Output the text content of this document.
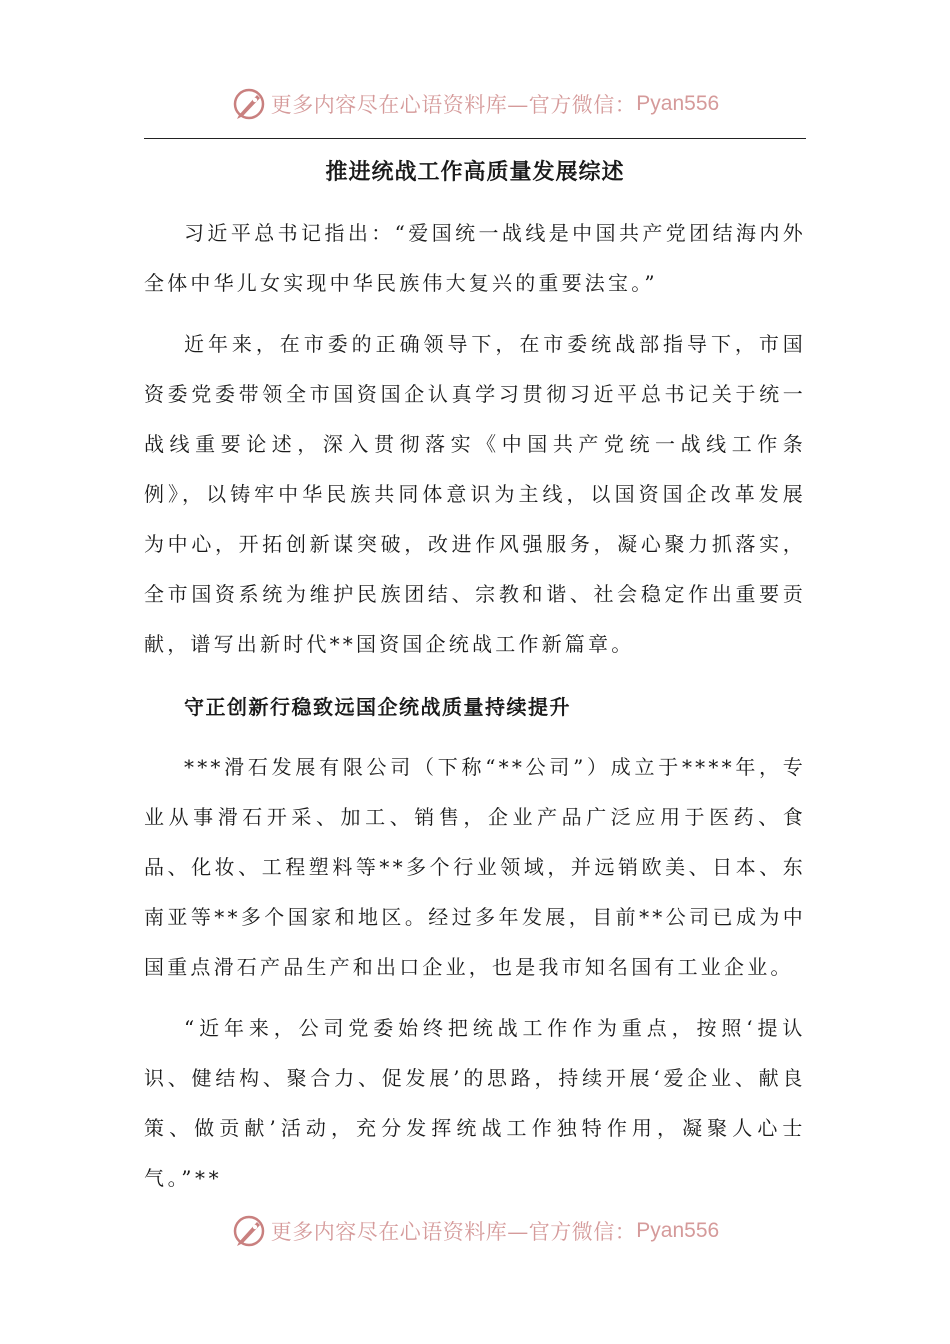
更多内容尽在心语资料库—官方微信： Pyan556
推进统战工作高质量发展综述

习近平总书记指出：“爱国统一战线是中国共产党团结海内外全体中华儿女实现中华民族伟大复兴的重要法宝。”

近年来，在市委的正确领导下，在市委统战部指导下，市国资委党委带领全市国资国企认真学习贯彻习近平总书记关于统一战线重要论述，深入贯彻落实《中国共产党统一战线工作条例》，以铸牢中华民族共同体意识为主线，以国资国企改革发展为中心，开拓创新谋突破，改进作风强服务，凝心聚力抓落实，全市国资系统为维护民族团结、宗教和谐、社会稳定作出重要贡献，谱写出新时代**国资国企统战工作新篇章。

守正创新行稳致远国企统战质量持续提升

***滑石发展有限公司（下称“**公司”）成立于****年，专业从事滑石开采、加工、销售，企业产品广泛应用于医药、食品、化妆、工程塑料等**多个行业领域，并远销欧美、日本、东南亚等**多个国家和地区。经过多年发展，目前**公司已成为中国重点滑石产品生产和出口企业，也是我市知名国有工业企业。

“近年来，公司党委始终把统战工作作为重点，按照‘提认识、健结构、聚合力、促发展’的思路，持续开展‘爱企业、献良策、做贡献’活动，充分发挥统战工作独特作用，凝聚人心士气。”**

更多内容尽在心语资料库—官方微信： Pyan556
